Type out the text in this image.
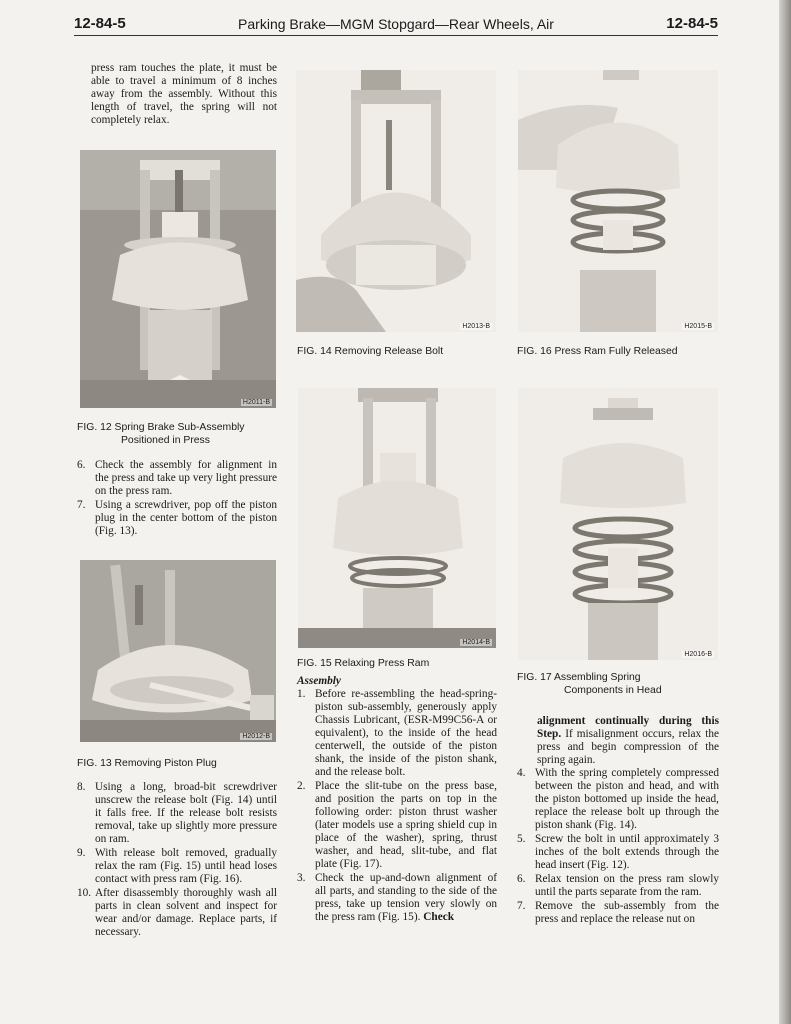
12-84-5	Parking Brake—MGM Stopgard—Rear Wheels, Air	12-84-5
press ram touches the plate, it must be able to travel a minimum of 8 inches away from the assembly. Without this length of travel, the spring will not completely relax.
H2011-B
FIG. 12 Spring Brake Sub-Assembly
Positioned in Press
6. Check the assembly for alignment in the press and take up very light pressure on the press ram.
7. Using a screwdriver, pop off the piston plug in the center bottom of the piston (Fig. 13).
H2012-B
FIG. 13 Removing Piston Plug
8. Using a long, broad-bit screwdriver unscrew the release bolt (Fig. 14) until it falls free. If the release bolt resists removal, take up slightly more pressure on ram.
9. With release bolt removed, gradually relax the ram (Fig. 15) until head loses contact with press ram (Fig. 16).
10. After disassembly thoroughly wash all parts in clean solvent and inspect for wear and/or damage. Replace parts, if necessary.
H2013-B
FIG. 14 Removing Release Bolt
H2014-B
FIG. 15 Relaxing Press Ram
Assembly
1. Before re-assembling the head-spring-piston sub-assembly, generously apply Chassis Lubricant, (ESR-M99C56-A or equivalent), to the inside of the head centerwell, the outside of the piston shank, the inside of the piston shank, and the release bolt.
2. Place the slit-tube on the press base, and position the parts on top in the following order: piston thrust washer (later models use a spring shield cup in place of the washer), spring, thrust washer, and head, slit-tube, and flat plate (Fig. 17).
3. Check the up-and-down alignment of all parts, and standing to the side of the press, take up tension very slowly on the press ram (Fig. 15). Check
H2015-B
FIG. 16 Press Ram Fully Released
H2016-B
FIG. 17 Assembling Spring
Components in Head
alignment continually during this Step. If misalignment occurs, relax the press and begin compression of the spring again.
4. With the spring completely compressed between the piston and head, and with the piston bottomed up inside the head, replace the release bolt up through the piston shank (Fig. 14).
5. Screw the bolt in until approximately 3 inches of the bolt extends through the head insert (Fig. 12).
6. Relax tension on the press ram slowly until the parts separate from the ram.
7. Remove the sub-assembly from the press and replace the release nut on
